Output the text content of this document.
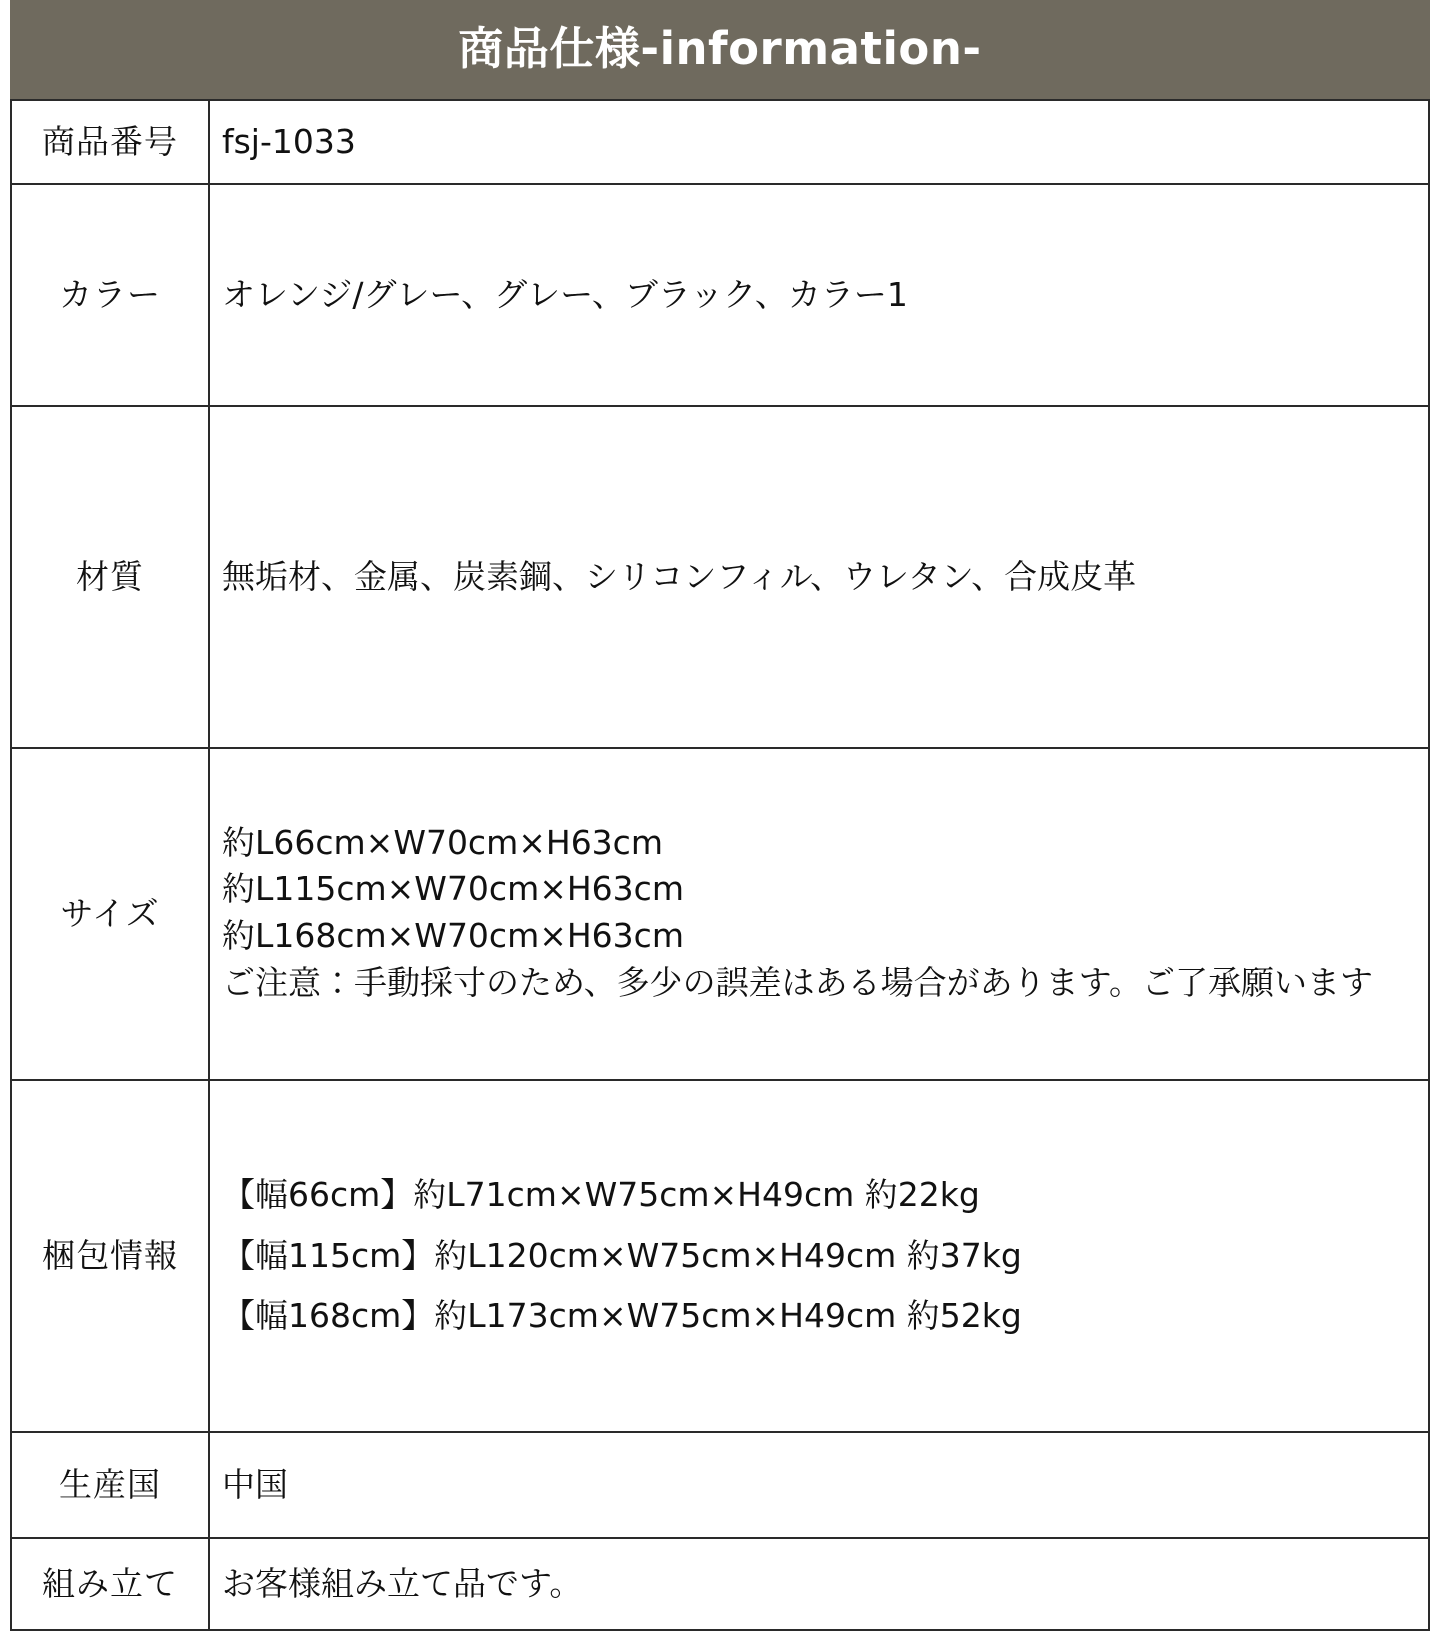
商品仕様-information-
商品番号	fsj-1033

カラー	オレンジ/グレー、グレー、ブラック、カラー1

材質	無垢材、金属、炭素鋼、シリコンフィル、ウレタン、合成皮革

サイズ	約L66cm×W70cm×H63cm
約L115cm×W70cm×H63cm
約L168cm×W70cm×H63cm
ご注意：手動採寸のため、多少の誤差はある場合があります。ご了承願います

梱包情報	【幅66cm】約L71cm×W75cm×H49cm 約22kg
【幅115cm】約L120cm×W75cm×H49cm 約37kg
【幅168cm】約L173cm×W75cm×H49cm 約52kg

生産国	中国

組み立て	お客様組み立て品です。
